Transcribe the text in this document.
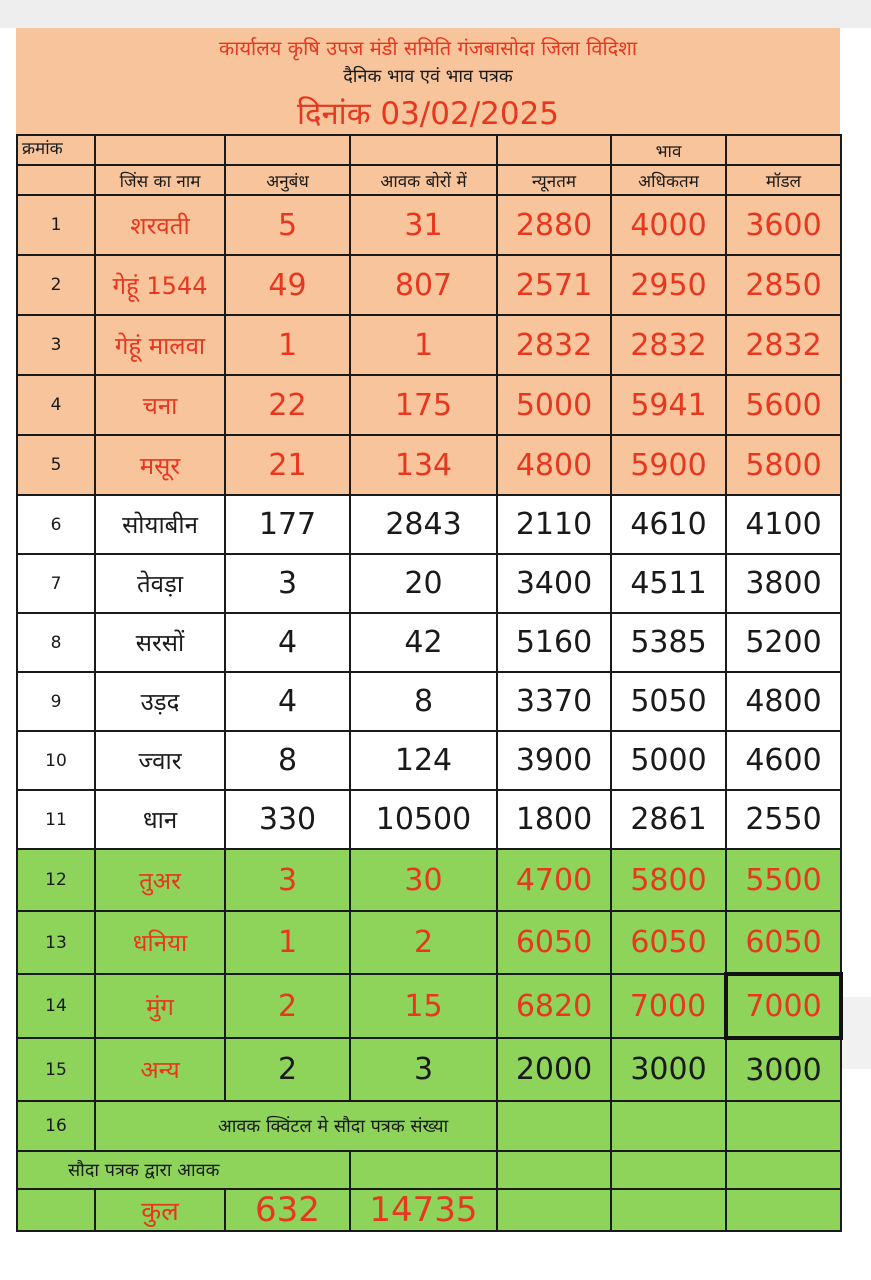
कार्यालय कृषि उपज मंडी समिति गंजबासोदा जिला विदिशा
दैनिक भाव एवं भाव पत्रक
दिनांक 03/02/2025
क्रमांक					भाव	
	जिंस का नाम	अनुबंध	आवक बोरों में	न्यूनतम	अधिकतम	मॉडल
1	शरवती	5	31	2880	4000	3600
2	गेहूं 1544	49	807	2571	2950	2850
3	गेहूं मालवा	1	1	2832	2832	2832
4	चना	22	175	5000	5941	5600
5	मसूर	21	134	4800	5900	5800
6	सोयाबीन	177	2843	2110	4610	4100
7	तेवड़ा	3	20	3400	4511	3800
8	सरसों	4	42	5160	5385	5200
9	उड़द	4	8	3370	5050	4800
10	ज्वार	8	124	3900	5000	4600
11	धान	330	10500	1800	2861	2550
12	तुअर	3	30	4700	5800	5500
13	धनिया	1	2	6050	6050	6050
14	मुंग	2	15	6820	7000	7000
15	अन्य	2	3	2000	3000	3000
16	आवक क्विंटल मे सौदा पत्रक संख्या					
सौदा पत्रक द्वारा आवक						
	कुल	632	14735			
